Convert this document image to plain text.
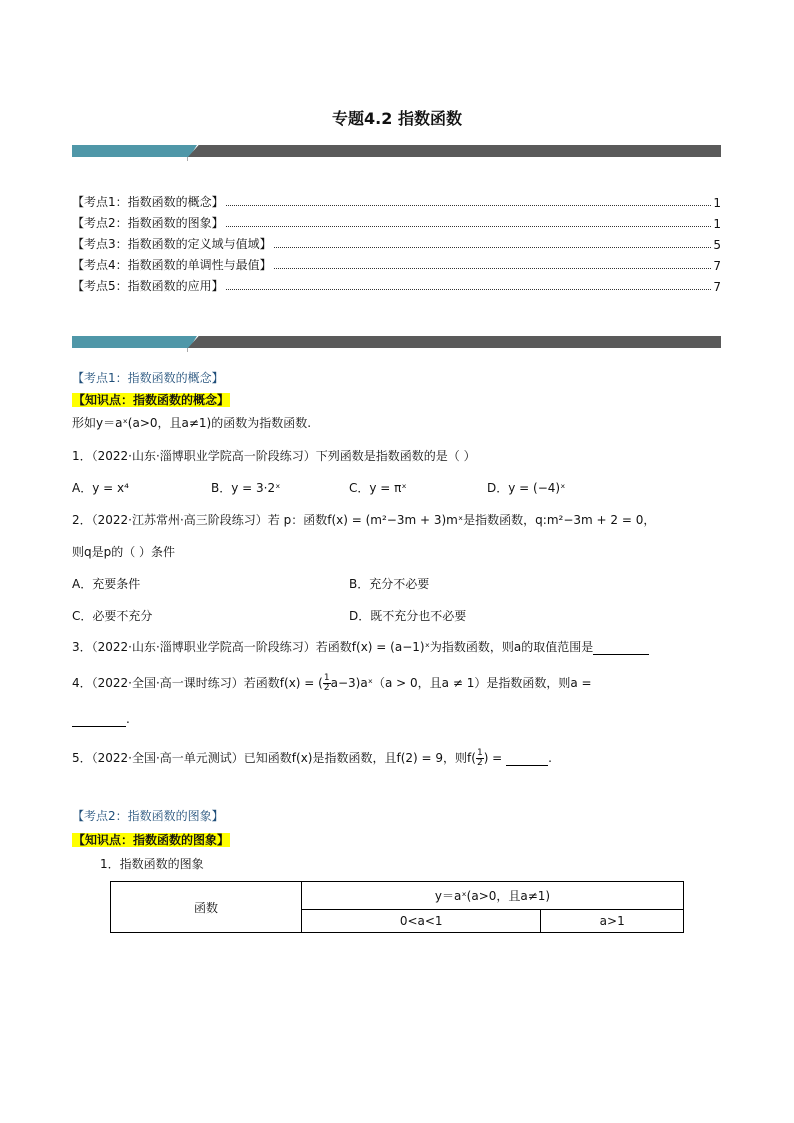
专题4.2 指数函数
【考点1：指数函数的概念】	1
【考点2：指数函数的图象】	1
【考点3：指数函数的定义域与值域】	5
【考点4：指数函数的单调性与最值】	7
【考点5：指数函数的应用】	7
【考点1：指数函数的概念】
【知识点：指数函数的概念】
形如y＝aˣ(a>0，且a≠1)的函数为指数函数.
1．（2022·山东·淄博职业学院高一阶段练习）下列函数是指数函数的是（ ）
A．y = x⁴	B．y = 3·2ˣ	C．y = πˣ	D．y = (−4)ˣ
2．（2022·江苏常州·高三阶段练习）若 p：函数f(x) = (m²−3m + 3)mˣ是指数函数，q:m²−3m + 2 = 0，
则q是p的（ ）条件
A．充要条件	B．充分不必要
C．必要不充分	D．既不充分也不必要
3．（2022·山东·淄博职业学院高一阶段练习）若函数f(x) = (a−1)ˣ为指数函数，则a的取值范围是
4．（2022·全国·高一课时练习）若函数f(x) = ( $\frac{1}{2}$ a−3)aˣ（a > 0，且a ≠ 1）是指数函数，则a =
.
5．（2022·全国·高一单元测试）已知函数f(x)是指数函数，且f(2) = 9，则$f( \frac{1}{2}$ ) =	.
【考点2：指数函数的图象】
【知识点：指数函数的图象】
1．指数函数的图象
函数	y＝aˣ(a>0，且a≠1)	
	0<a<1	a>1
